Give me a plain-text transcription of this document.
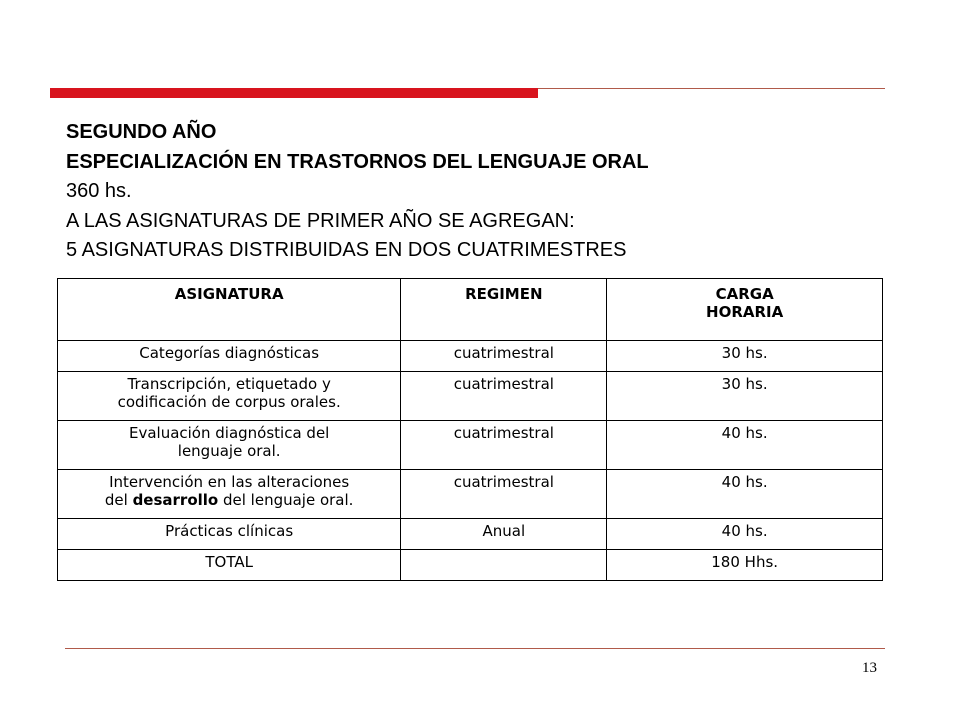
SEGUNDO AÑO
ESPECIALIZACIÓN EN TRASTORNOS DEL LENGUAJE ORAL
360 hs.
A LAS ASIGNATURAS DE PRIMER AÑO SE AGREGAN:
5 ASIGNATURAS DISTRIBUIDAS EN DOS CUATRIMESTRES
ASIGNATURA	REGIMEN	CARGA
HORARIA
Categorías diagnósticas	cuatrimestral	30 hs.
Transcripción, etiquetado y
codificación de corpus orales.	cuatrimestral	30 hs.
Evaluación diagnóstica del
lenguaje oral.	cuatrimestral	40 hs.
Intervención en las alteraciones
del desarrollo del lenguaje oral.	cuatrimestral	40 hs.
Prácticas clínicas	Anual	40 hs.
TOTAL		180 Hhs.
13
